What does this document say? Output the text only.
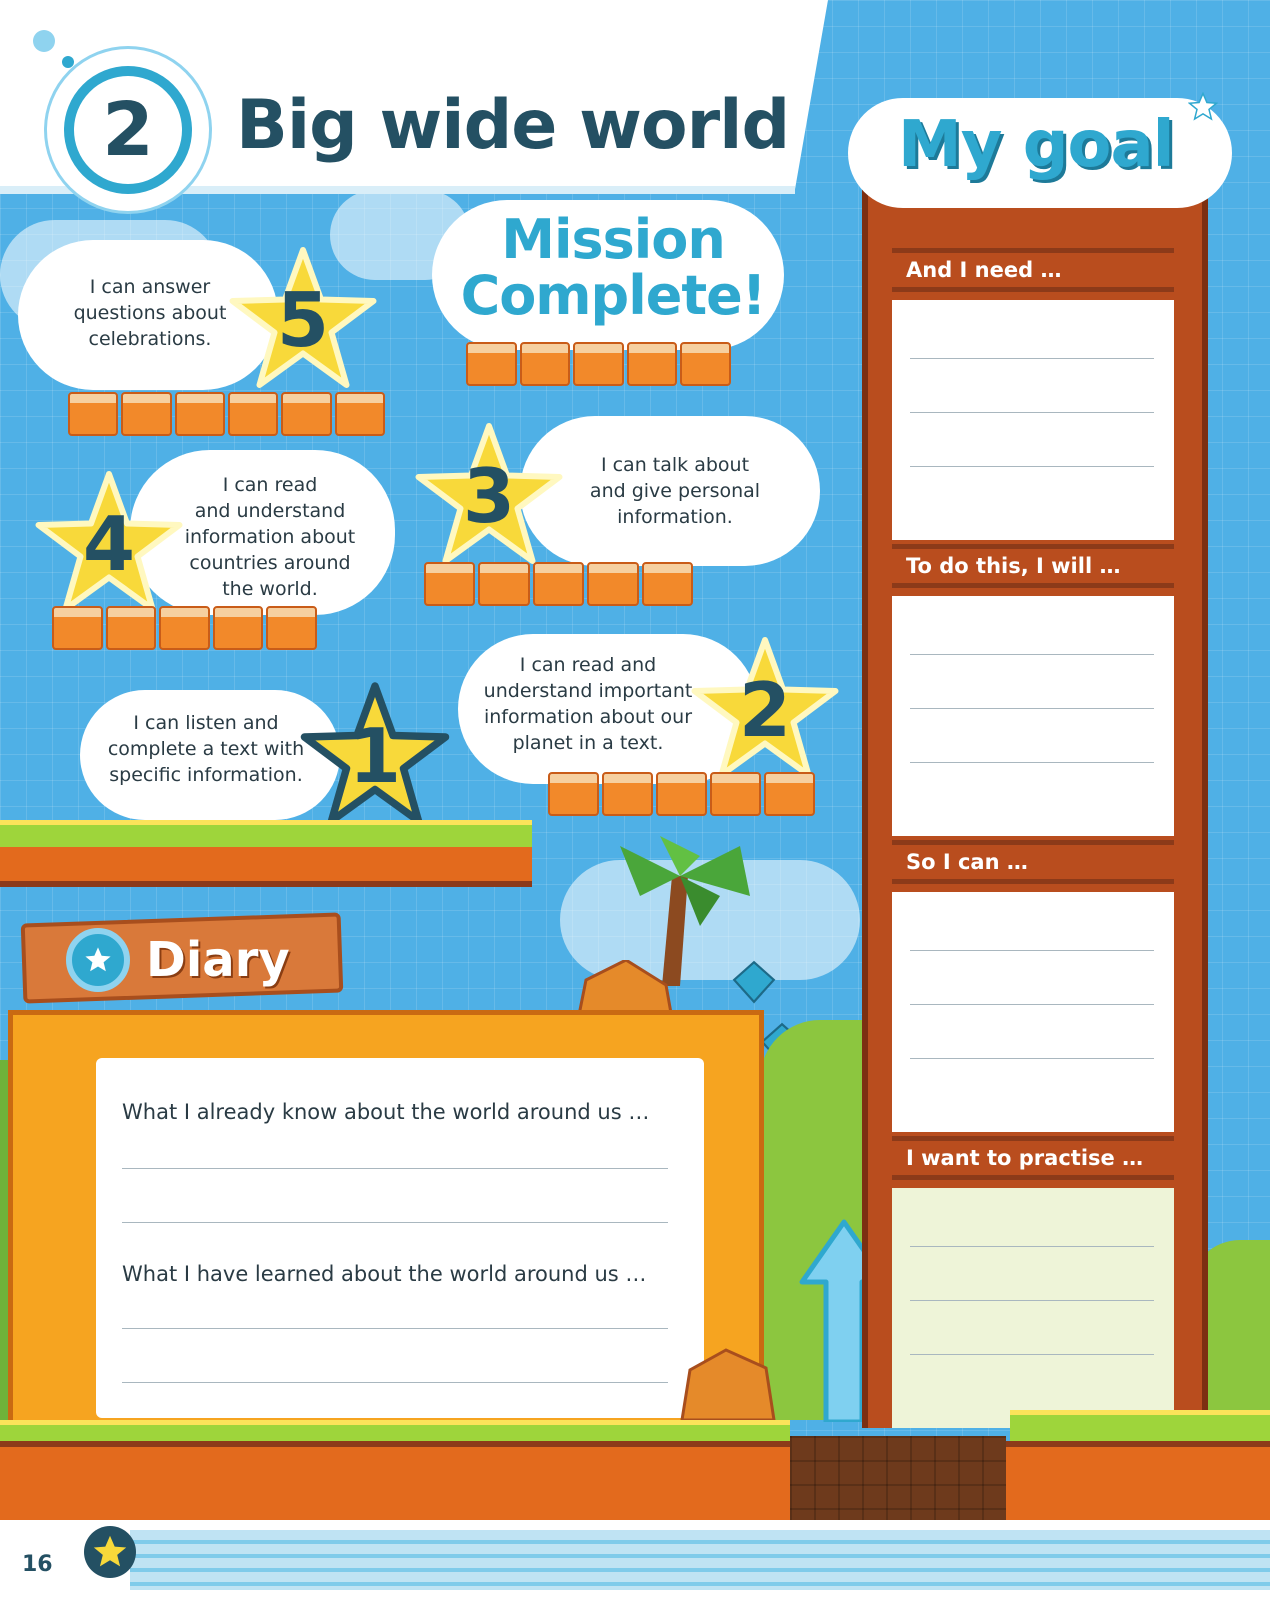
2	Big wide world
I can answer
questions about
celebrations.	5
Mission
Complete!
I can read
and understand
information about
countries around
the world.
4
I can talk about
and give personal
information.
3
I can read and
understand important
information about our
planet in a text.	2
I can listen and
complete a text with
specific information. 1
Diary
What I already know about the world around us …
What I have learned about the world around us …
And I need …
To do this, I will …
So I can …
I want to practise …
My goal
16
